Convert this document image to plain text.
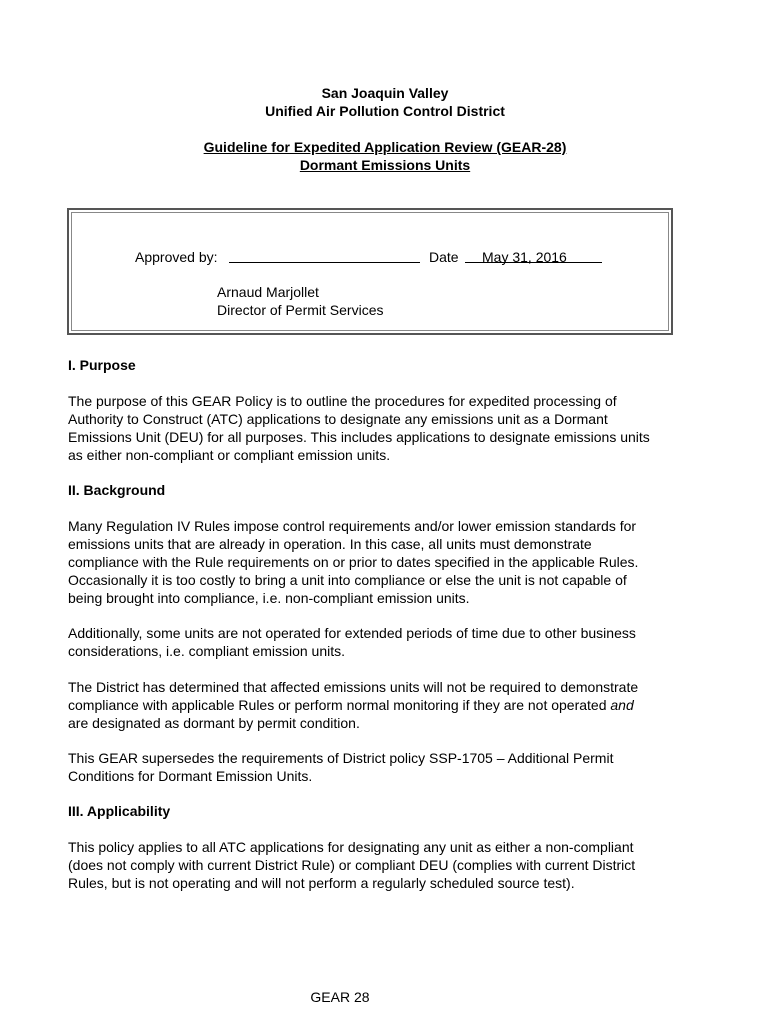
San Joaquin Valley
Unified Air Pollution Control District
Guideline for Expedited Application Review (GEAR-28)
Dormant Emissions Units
Approved by:	Date May 31, 2016
Arnaud Marjollet
Director of Permit Services
I. Purpose
The purpose of this GEAR Policy is to outline the procedures for expedited processing of
Authority to Construct (ATC) applications to designate any emissions unit as a Dormant
Emissions Unit (DEU) for all purposes. This includes applications to designate emissions units
as either non-compliant or compliant emission units.
II. Background
Many Regulation IV Rules impose control requirements and/or lower emission standards for
emissions units that are already in operation. In this case, all units must demonstrate
compliance with the Rule requirements on or prior to dates specified in the applicable Rules.
Occasionally it is too costly to bring a unit into compliance or else the unit is not capable of
being brought into compliance, i.e. non-compliant emission units.
Additionally, some units are not operated for extended periods of time due to other business
considerations, i.e. compliant emission units.
The District has determined that affected emissions units will not be required to demonstrate
compliance with applicable Rules or perform normal monitoring if they are not operated and
are designated as dormant by permit condition.
This GEAR supersedes the requirements of District policy SSP-1705 – Additional Permit
Conditions for Dormant Emission Units.
III. Applicability
This policy applies to all ATC applications for designating any unit as either a non-compliant
(does not comply with current District Rule) or compliant DEU (complies with current District
Rules, but is not operating and will not perform a regularly scheduled source test).
GEAR 28
